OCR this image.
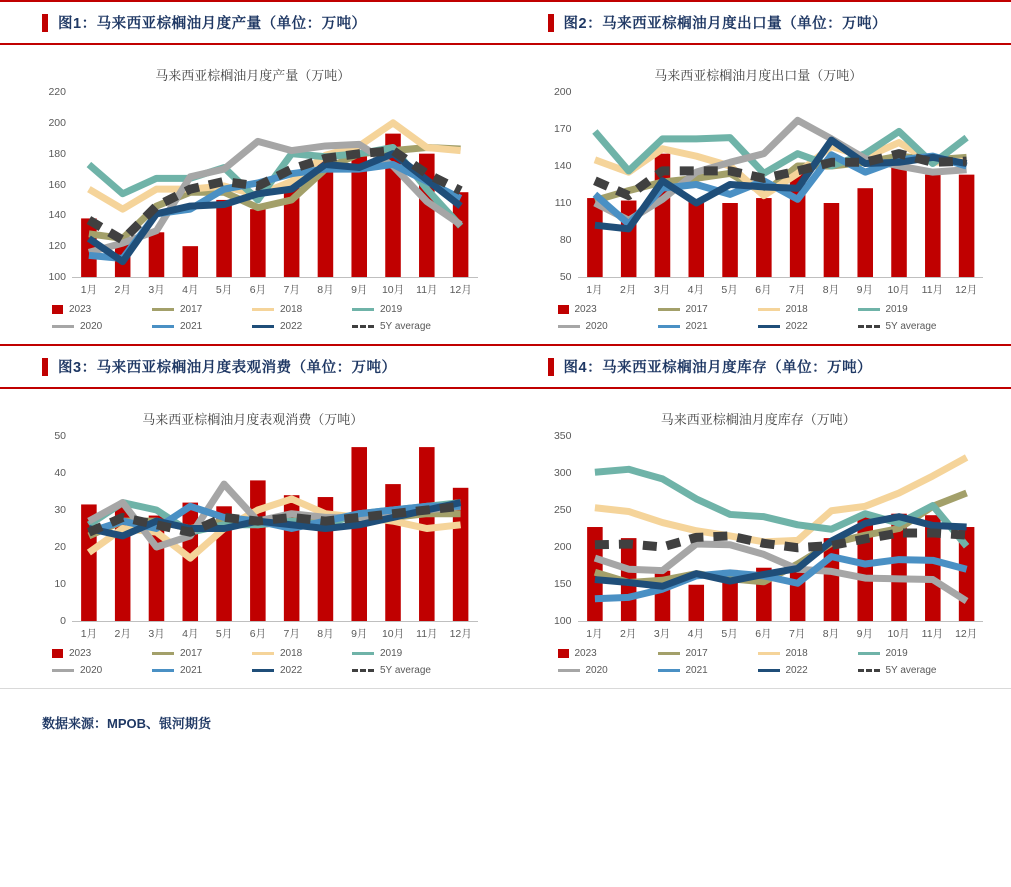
图1：马来西亚棕榈油月度产量（单位：万吨）	图2：马来西亚棕榈油月度出口量（单位：万吨）
马来西亚棕榈油月度产量（万吨）
100
120
140
160
180
200
220
1月	2月	3月	4月	5月	6月	7月	8月	9月	10月	11月	12月
2023	2017	2018	2019
2020	2021	2022	5Y average
马来西亚棕榈油月度出口量（万吨）
50
80
110
140
170
200
1月	2月	3月	4月	5月	6月	7月	8月	9月	10月	11月	12月
2023	2017	2018	2019
2020	2021	2022	5Y average
图3：马来西亚棕榈油月度表观消费（单位：万吨）	图4：马来西亚棕榈油月度库存（单位：万吨）
马来西亚棕榈油月度表观消费（万吨）
0
10
20
30
40
50
1月	2月	3月	4月	5月	6月	7月	8月	9月	10月	11月	12月
2023	2017	2018	2019
2020	2021	2022	5Y average
马来西亚棕榈油月度库存（万吨）
100
150
200
250
300
350
1月	2月	3月	4月	5月	6月	7月	8月	9月	10月	11月	12月
2023	2017	2018	2019
2020	2021	2022	5Y average
数据来源：MPOB、银河期货
